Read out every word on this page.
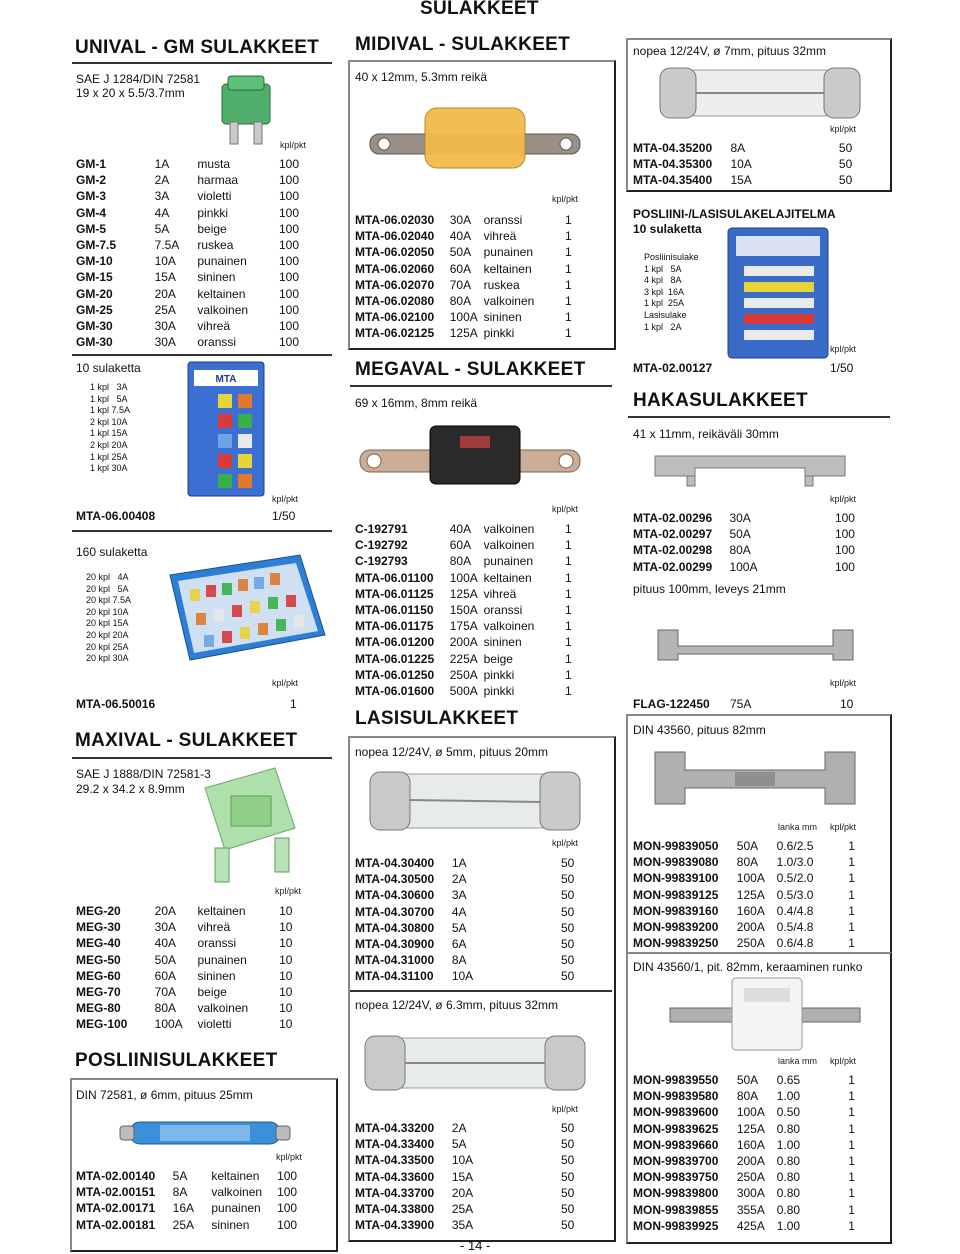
SULAKKEET
UNIVAL - GM SULAKKEET
SAE J 1284/DIN 72581
19 x 20 x 5.5/3.7mm
kpl/pkt
GM-1	1A	musta	100
GM-2	2A	harmaa	100
GM-3	3A	violetti	100
GM-4	4A	pinkki	100
GM-5	5A	beige	100
GM-7.5	7.5A	ruskea	100
GM-10	10A	punainen	100
GM-15	15A	sininen	100
GM-20	20A	keltainen	100
GM-25	25A	valkoinen	100
GM-30	30A	vihreä	100
GM-30	30A	oranssi	100
10 sulaketta
1 kpl   3A
1 kpl   5A
1 kpl 7.5A
2 kpl 10A
1 kpl 15A
2 kpl 20A
1 kpl 25A
1 kpl 30A
MTA
kpl/pkt
MTA-06.00408	1/50
160 sulaketta
20 kpl   4A
20 kpl   5A
20 kpl 7.5A
20 kpl 10A
20 kpl 15A
20 kpl 20A
20 kpl 25A
20 kpl 30A
kpl/pkt
MTA-06.50016	1
MAXIVAL - SULAKKEET
SAE J 1888/DIN 72581-3
29.2 x 34.2 x 8.9mm
kpl/pkt
MEG-20	20A	keltainen	10
MEG-30	30A	vihreä	10
MEG-40	40A	oranssi	10
MEG-50	50A	punainen	10
MEG-60	60A	sininen	10
MEG-70	70A	beige	10
MEG-80	80A	valkoinen	10
MEG-100	100A	violetti	10
POSLIINISULAKKEET
DIN 72581, ø 6mm, pituus 25mm
kpl/pkt
MTA-02.00140	5A	keltainen	100
MTA-02.00151	8A	valkoinen	100
MTA-02.00171	16A	punainen	100
MTA-02.00181	25A	sininen	100
MIDIVAL - SULAKKEET
40 x 12mm, 5.3mm reikä
kpl/pkt
MTA-06.02030	30A	oranssi	1
MTA-06.02040	40A	vihreä	1
MTA-06.02050	50A	punainen	1
MTA-06.02060	60A	keltainen	1
MTA-06.02070	70A	ruskea	1
MTA-06.02080	80A	valkoinen	1
MTA-06.02100	100A	sininen	1
MTA-06.02125	125A	pinkki	1
MEGAVAL - SULAKKEET
69 x 16mm, 8mm reikä
kpl/pkt
C-192791	40A	valkoinen	1
C-192792	60A	valkoinen	1
C-192793	80A	punainen	1
MTA-06.01100	100A	keltainen	1
MTA-06.01125	125A	vihreä	1
MTA-06.01150	150A	oranssi	1
MTA-06.01175	175A	valkoinen	1
MTA-06.01200	200A	sininen	1
MTA-06.01225	225A	beige	1
MTA-06.01250	250A	pinkki	1
MTA-06.01600	500A	pinkki	1
LASISULAKKEET
nopea 12/24V, ø 5mm, pituus 20mm
kpl/pkt
MTA-04.30400	1A	50
MTA-04.30500	2A	50
MTA-04.30600	3A	50
MTA-04.30700	4A	50
MTA-04.30800	5A	50
MTA-04.30900	6A	50
MTA-04.31000	8A	50
MTA-04.31100	10A	50
nopea 12/24V, ø 6.3mm, pituus 32mm
kpl/pkt
MTA-04.33200	2A	50
MTA-04.33400	5A	50
MTA-04.33500	10A	50
MTA-04.33600	15A	50
MTA-04.33700	20A	50
MTA-04.33800	25A	50
MTA-04.33900	35A	50
- 14 -
nopea 12/24V, ø 7mm, pituus 32mm
kpl/pkt
MTA-04.35200	8A	50
MTA-04.35300	10A	50
MTA-04.35400	15A	50
POSLIINI-/LASISULAKELAJITELMA
10 sulaketta
Posliinisulake
1 kpl   5A
4 kpl   8A
3 kpl  16A
1 kpl  25A
Lasisulake
1 kpl   2A
kpl/pkt
MTA-02.00127	1/50
HAKASULAKKEET
41 x 11mm, reikäväli 30mm
kpl/pkt
MTA-02.00296	30A	100
MTA-02.00297	50A	100
MTA-02.00298	80A	100
MTA-02.00299	100A	100
pituus 100mm, leveys 21mm
kpl/pkt
FLAG-122450 75A	10
DIN 43560, pituus 82mm
lanka mm kpl/pkt
MON-99839050	50A	0.6/2.5	1
MON-99839080	80A	1.0/3.0	1
MON-99839100	100A	0.5/2.0	1
MON-99839125	125A	0.5/3.0	1
MON-99839160	160A	0.4/4.8	1
MON-99839200	200A	0.5/4.8	1
MON-99839250	250A	0.6/4.8	1
DIN 43560/1, pit. 82mm, keraaminen runko
lanka mm kpl/pkt
MON-99839550	50A	0.65	1
MON-99839580	80A	1.00	1
MON-99839600	100A	0.50	1
MON-99839625	125A	0.80	1
MON-99839660	160A	1.00	1
MON-99839700	200A	0.80	1
MON-99839750	250A	0.80	1
MON-99839800	300A	0.80	1
MON-99839855	355A	0.80	1
MON-99839925	425A	1.00	1
